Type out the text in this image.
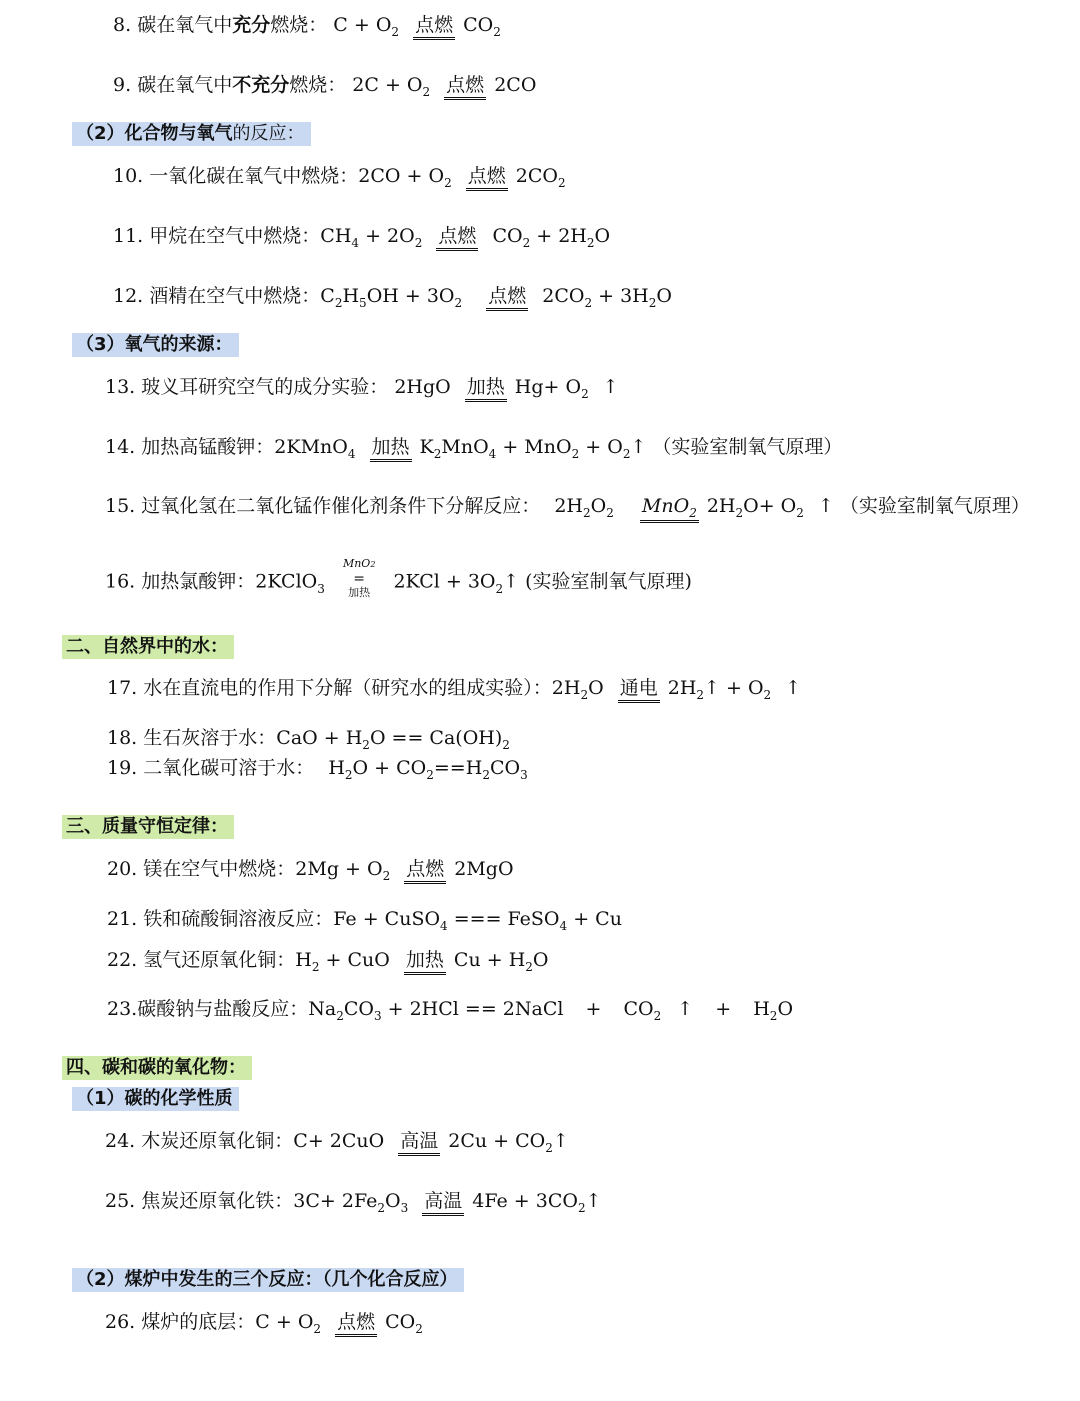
8. 碳在氧气中充分燃烧： $C + O_2$ 点燃 $CO_2$
9. 碳在氧气中不充分燃烧： $2C + O_2$ 点燃 2CO
（2）化合物与氧气的反应：
10. 一氧化碳在氧气中燃烧：$2CO + O_2$ 点燃 $2CO_2$
11. 甲烷在空气中燃烧：$CH_4 + 2O_2$ 点燃 $CO_2 + 2H_2O$
12. 酒精在空气中燃烧：$C_2H_5OH + 3O_2$ 点燃 $2CO_2 + 3H_2O$
（3）氧气的来源：
13. 玻义耳研究空气的成分实验： 2HgO 加热 $Hg+ O_2$ ↑
14. 加热高锰酸钾：2KMnO$_4$ 加热 $K_2MnO_4 + MnO_2$ + $O_2↑$ （实验室制氧气原理）
15. 过氧化氢在二氧化锰作催化剂条件下分解反应： $2H_2O_2$ MnO$_2$ $2H_2O+ O_2$ ↑ （实验室制氧气原理）
16. 加热氯酸钾：2KClO$_3$
MnO2
=
加热 $2KCl + 3O_2↑$ (实验室制氧气原理)
二、自然界中的水：
17. 水在直流电的作用下分解（研究水的组成实验）：$2H_2O$ 通电 $2H_2↑ + O_2$ ↑
18. 生石灰溶于水：CaO + $H_2O == Ca(OH)_2$
19. 二氧化碳可溶于水： $H_2O + CO_2==H_2CO_3$
三、质量守恒定律：
20. 镁在空气中燃烧：$2Mg + O_2$ 点燃 2MgO
21. 铁和硫酸铜溶液反应：Fe + CuSO$_4$ === FeSO$_4$ + Cu
22. 氢气还原氧化铜：$H_2$ + CuO 加热 $Cu + H_2O$
23.碳酸钠与盐酸反应：$Na_2CO_3 + 2HCl$ == 2NaCl + $CO_2$ ↑ + $H_2O$
四、碳和碳的氧化物：
（1）碳的化学性质
24. 木炭还原氧化铜：C+ 2CuO 高温 $2Cu + CO_2↑$
25. 焦炭还原氧化铁：$3C+ 2Fe_2O_3$ 高温 $4Fe + 3CO_2↑$
（2）煤炉中发生的三个反应：（几个化合反应）
26. 煤炉的底层：$C + O_2$ 点燃 $CO_2$
